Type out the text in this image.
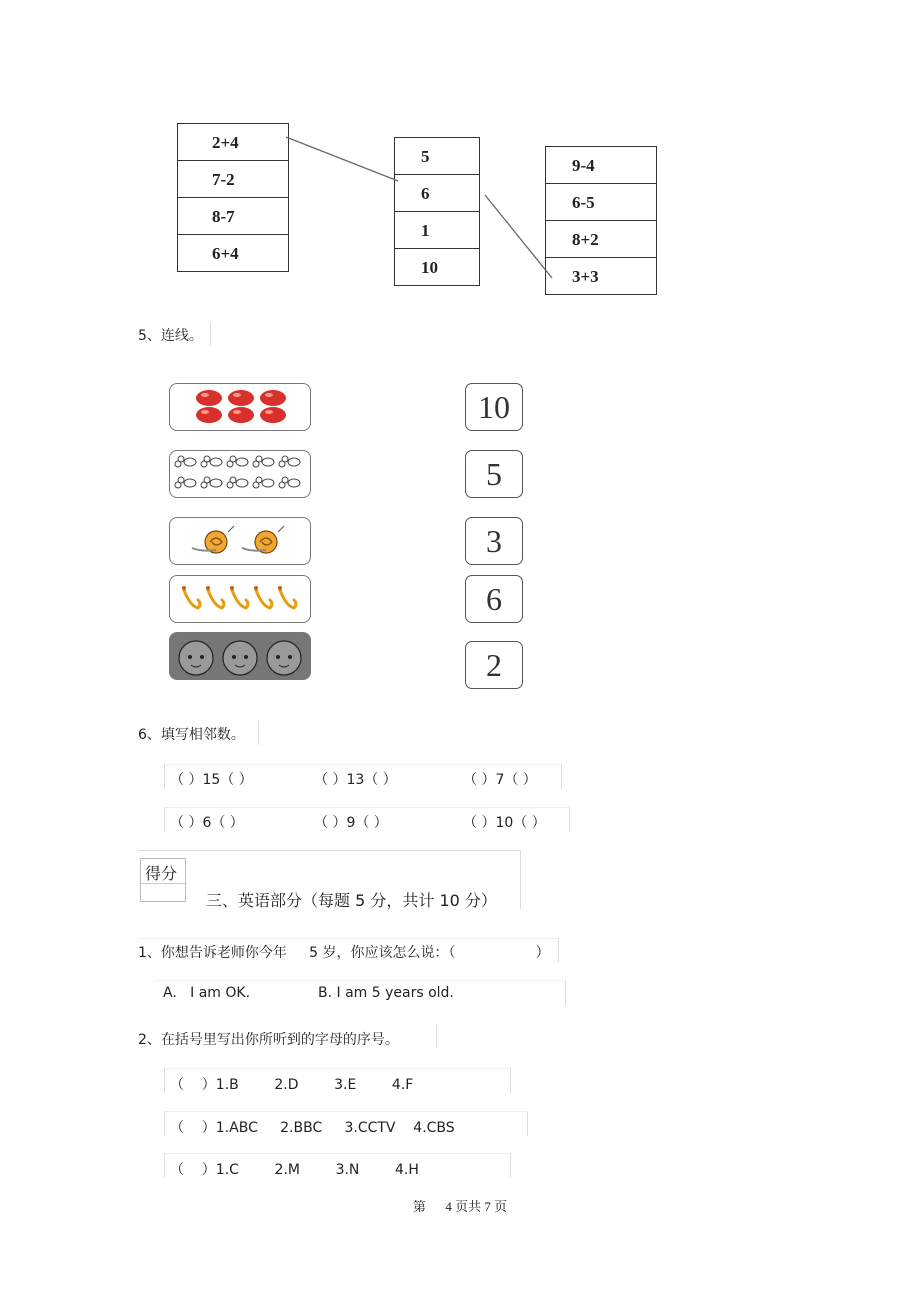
2+4
7-2
8-7
6+4
5
6
1
10
9-4
6-5
8+2
3+3
5、连线。
10
5
3
6
2
6、填写相邻数。
（ ）15（ ）	（ ）13（ ）	（ ）7（ ）
（ ）6（ ）	（ ）9（ ）	（ ）10（ ）
得分
三、英语部分（每题 5 分，共计 10 分）
1、你想告诉老师你今年     5 岁，你应该怎么说：（                  ）
A.   I am OK.	B. I am 5 years old.
2、在括号里写出你所听到的字母的序号。
（    ）1.B        2.D        3.E        4.F
（    ）1.ABC     2.BBC     3.CCTV    4.CBS
（    ）1.C        2.M        3.N        4.H
第      4 页共 7 页
